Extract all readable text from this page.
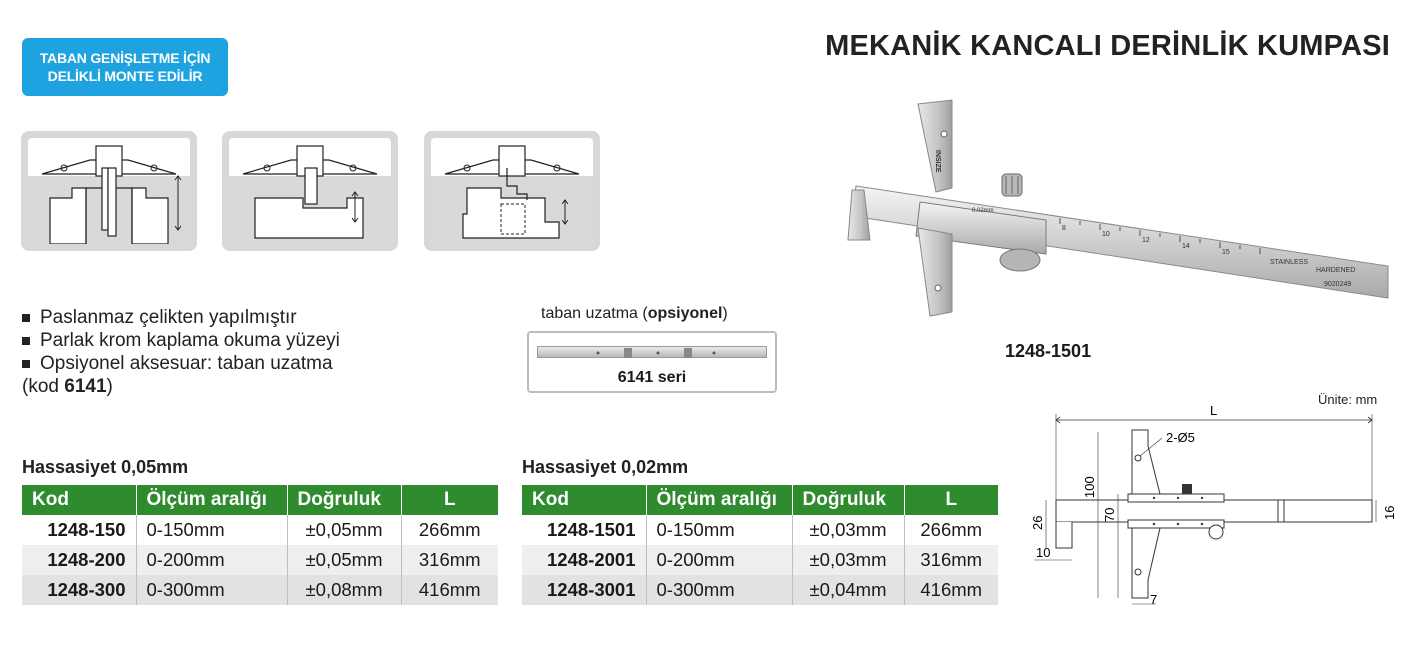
TABAN GENİŞLETME İÇİN
DELİKLİ MONTE EDİLİR
MEKANİK KANCALI DERİNLİK KUMPASI
Paslanmaz çelikten yapılmıştır
Parlak krom kaplama okuma yüzeyi
Opsiyonel aksesuar: taban uzatma
(kod 6141)
taban uzatma (opsiyonel)
6141 seri
8
10
12
14
15
STAINLESS
HARDENED
9020249
0.02mm
INSIZE
1248-1501
Ünite: mm
L
2-Ø5
100
70
26
10
16
7
Hassasiyet 0,05mm
Kod	Ölçüm aralığı	Doğruluk	L
1248-150	0-150mm	±0,05mm	266mm
1248-200	0-200mm	±0,05mm	316mm
1248-300	0-300mm	±0,08mm	416mm
Hassasiyet 0,02mm
Kod	Ölçüm aralığı	Doğruluk	L
1248-1501	0-150mm	±0,03mm	266mm
1248-2001	0-200mm	±0,03mm	316mm
1248-3001	0-300mm	±0,04mm	416mm
